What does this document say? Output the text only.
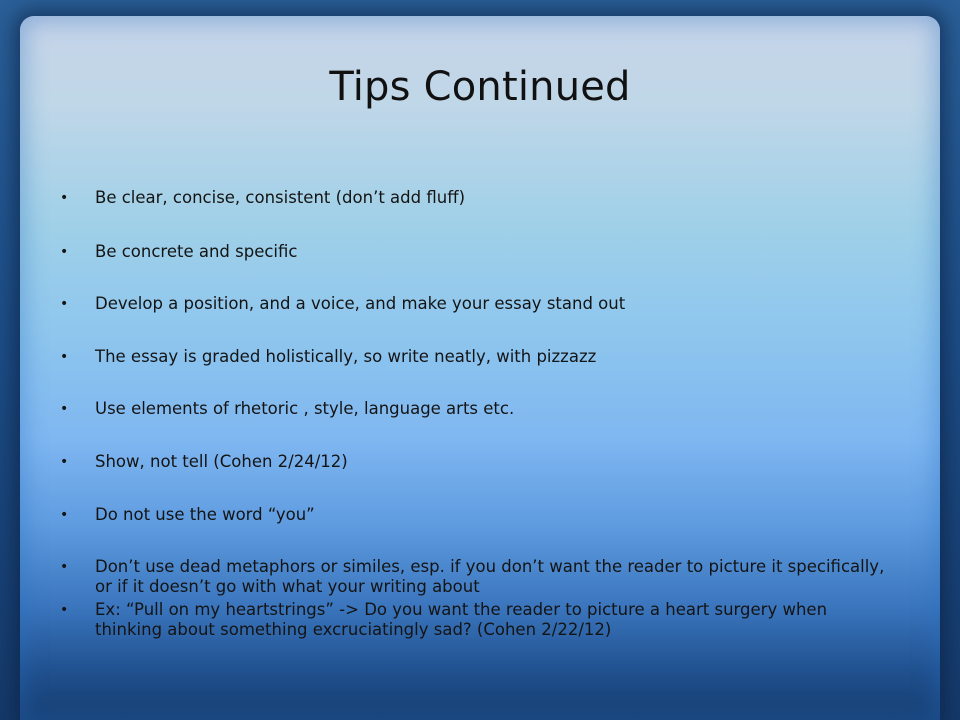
Tips Continued
• Be clear, concise, consistent (don’t add fluff)
• Be concrete and specific
• Develop a position, and a voice, and make your essay stand out
• The essay is graded holistically, so write neatly, with pizzazz
• Use elements of rhetoric , style, language arts etc.
• Show, not tell (Cohen 2/24/12)
• Do not use the word “you”
• Don’t use dead metaphors or similes, esp. if you don’t want the reader to picture it specifically, or if it doesn’t go with what your writing about
• Ex: “Pull on my heartstrings” -> Do you want the reader to picture a heart surgery when thinking about something excruciatingly sad? (Cohen 2/22/12)
